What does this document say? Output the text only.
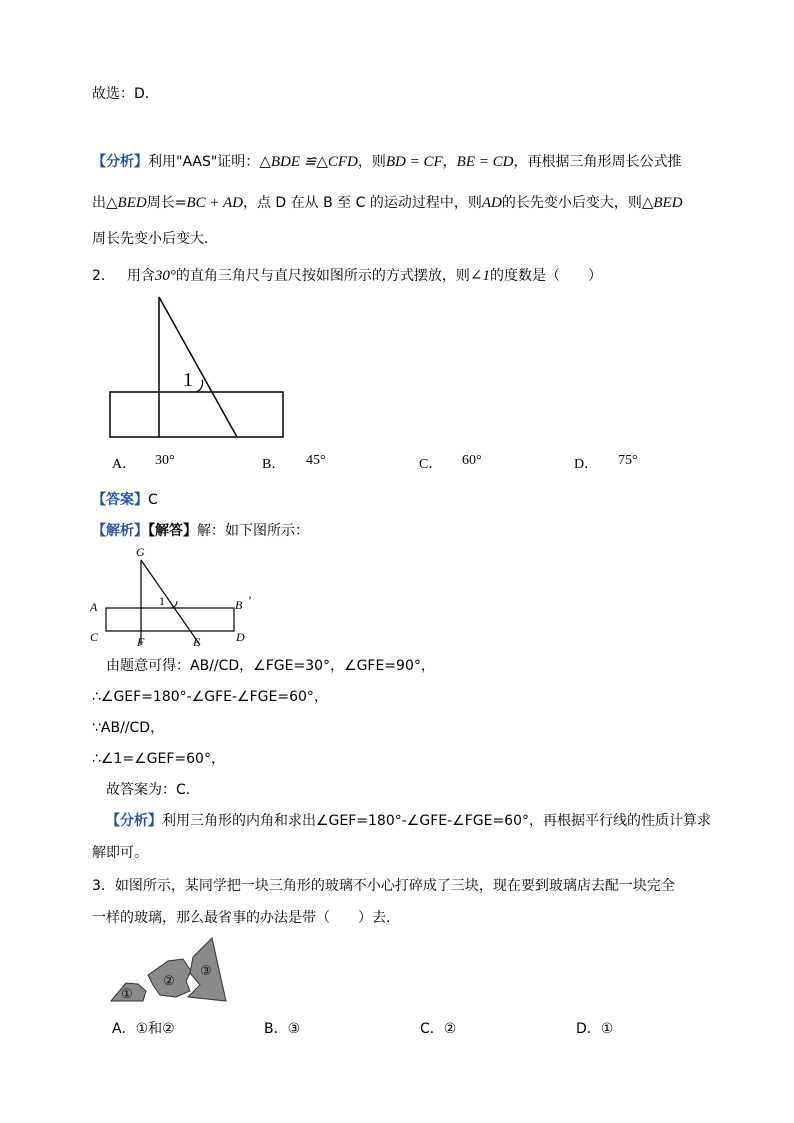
故选：D.
【分析】利用"AAS"证明：△BDE ≌△CFD，则BD = CF，BE = CD，再根据三角形周长公式推
出△BED周长=BC + AD，点 D 在从 B 至 C 的运动过程中，则AD的长先变小后变大，则△BED
周长先变小后变大.
2． 用含30°的直角三角尺与直尺按如图所示的方式摆放，则∠1的度数是（　　）
1
A． 30°	B． 45°	C． 60°	D． 75°
【答案】C
【解析】【解答】解：如下图所示：
G
A	B ’
C	D
F	E
1
由题意可得：AB//CD，∠FGE=30°，∠GFE=90°，
∴∠GEF=180°-∠GFE-∠FGE=60°，
∵AB//CD，
∴∠1=∠GEF=60°，
故答案为：C.
【分析】利用三角形的内角和求出∠GEF=180°-∠GFE-∠FGE=60°，再根据平行线的性质计算求
解即可。
3．如图所示，某同学把一块三角形的玻璃不小心打碎成了三块，现在要到玻璃店去配一块完全
一样的玻璃，那么最省事的办法是带（　　）去.
①
②
③
A．①和②	B．③	C．②	D．①
